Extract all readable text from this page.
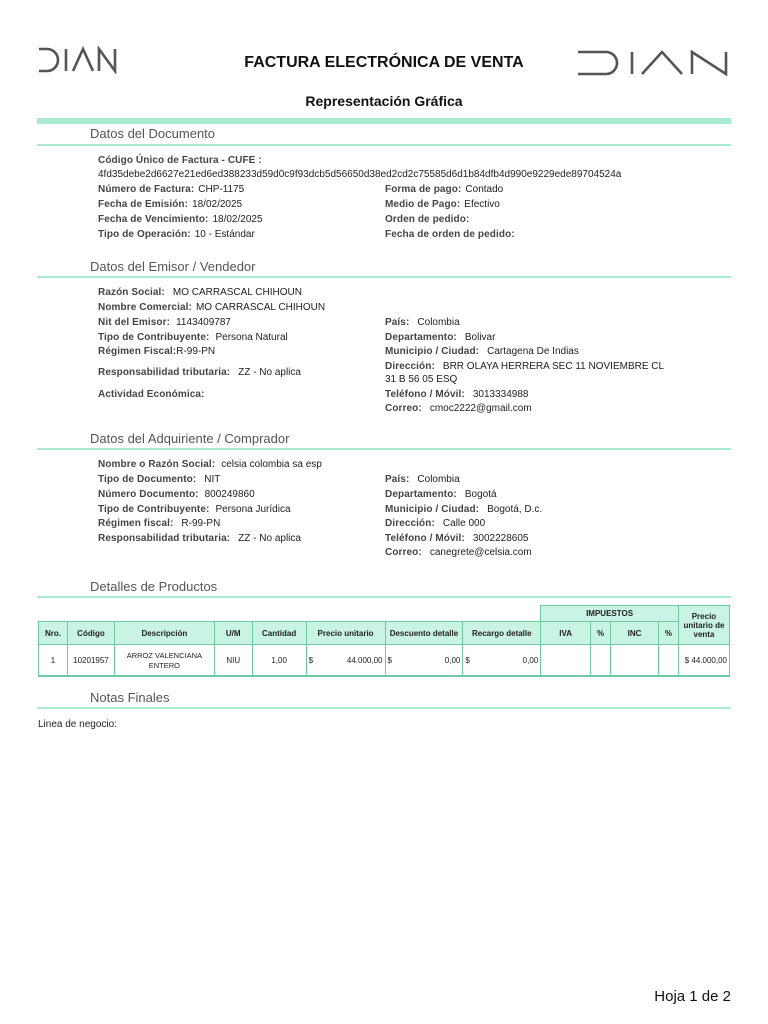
FACTURA ELECTRÓNICA DE VENTA
Representación Gráfica
Datos del Documento
Código Único de Factura - CUFE :
4fd35debe2d6627e21ed6ed388233d59d0c9f93dcb5d56650d38ed2cd2c75585d6d1b84dfb4d990e9229ede89704524a
Número de Factura: CHP-1175
Fecha de Emisión: 18/02/2025
Fecha de Vencimiento: 18/02/2025
Tipo de Operación: 10 - Estándar
Forma de pago: Contado
Medio de Pago: Efectivo
Orden de pedido:
Fecha de orden de pedido:
Datos del Emisor / Vendedor
Razón Social: MO CARRASCAL CHIHOUN
Nombre Comercial: MO CARRASCAL CHIHOUN
Nit del Emisor: 1143409787
Tipo de Contribuyente: Persona Natural
Régimen Fiscal:R-99-PN
Responsabilidad tributaria: ZZ - No aplica
Actividad Económica:
País: Colombia
Departamento: Bolivar
Municipio / Ciudad: Cartagena De Indias
Dirección: BRR OLAYA HERRERA SEC 11 NOVIEMBRE CL
31 B 56 05 ESQ
Teléfono / Móvil: 3013334988
Correo: cmoc2222@gmail.com
Datos del Adquiriente / Comprador
Nombre o Razón Social: celsia colombia sa esp
Tipo de Documento: NIT
Número Documento: 800249860
Tipo de Contribuyente: Persona Jurídica
Régimen fiscal: R-99-PN
Responsabilidad tributaria: ZZ - No aplica
País: Colombia
Departamento: Bogotá
Municipio / Ciudad: Bogotá, D.c.
Dirección: Calle 000
Teléfono / Móvil: 3002228605
Correo: canegrete@celsia.com
Detalles de Productos
								IMPUESTOS				Precio unitario de venta
Nro.	Código	Descripción	U/M	Cantidad	Precio unitario	Descuento detalle	Recargo detalle	IVA	%	INC	%	
1	10201957	ARROZ VALENCIANA ENTERO	NIU	1,00	$ 44.000,00	$ 0,00	$ 0,00					$ 44.000,00
Notas Finales
Linea de negocio:
Hoja 1 de 2
